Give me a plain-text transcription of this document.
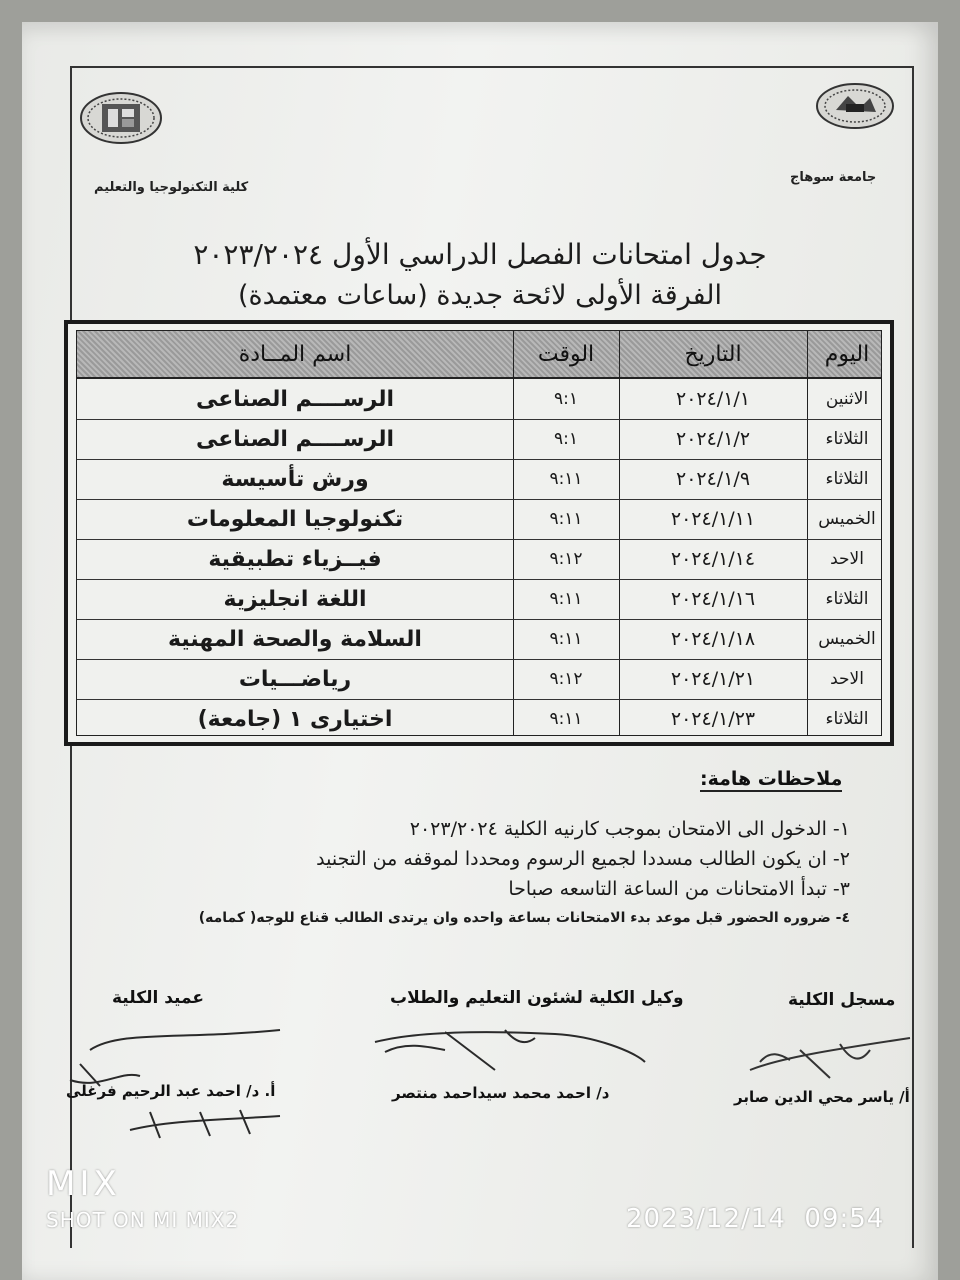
كلية التكنولوجيا والتعليم
جامعة سوهاج
جدول امتحانات الفصل الدراسي الأول ٢٠٢٣/٢٠٢٤
الفرقة الأولى لائحة جديدة (ساعات معتمدة)
اليوم
التاريخ
الوقت
اسم المــادة
الاثنين
٢٠٢٤/١/١
٩:١
الرســــم الصناعى
الثلاثاء
٢٠٢٤/١/٢
٩:١
الرســــم الصناعى
الثلاثاء
٢٠٢٤/١/٩
٩:١١
ورش تأسيسة
الخميس
٢٠٢٤/١/١١
٩:١١
تكنولوجيا المعلومات
الاحد
٢٠٢٤/١/١٤
٩:١٢
فيــزياء تطبيقية
الثلاثاء
٢٠٢٤/١/١٦
٩:١١
اللغة انجليزية
الخميس
٢٠٢٤/١/١٨
٩:١١
السلامة والصحة المهنية
الاحد
٢٠٢٤/١/٢١
٩:١٢
رياضـــيات
الثلاثاء
٢٠٢٤/١/٢٣
٩:١١
اختيارى ١ (جامعة)
ملاحظات هامة:
١- الدخول الى الامتحان بموجب كارنيه الكلية ٢٠٢٣/٢٠٢٤
٢- ان يكون الطالب مسددا لجميع الرسوم ومحددا لموقفه من التجنيد
٣- تبدأ الامتحانات من الساعة التاسعه صباحا
٤- ضروره الحضور قبل موعد بدء الامتحانات بساعة واحده وان يرتدى الطالب قناع للوجه( كمامه)
مسجل الكلية
وكيل الكلية لشئون التعليم والطلاب
عميد الكلية
أ/ ياسر محي الدين صابر
د/ احمد محمد سيداحمد منتصر
أ. د/ احمد عبد الرحيم فرغلى
MIX
SHOT ON MI MIX2	2023/12/14  09:54
